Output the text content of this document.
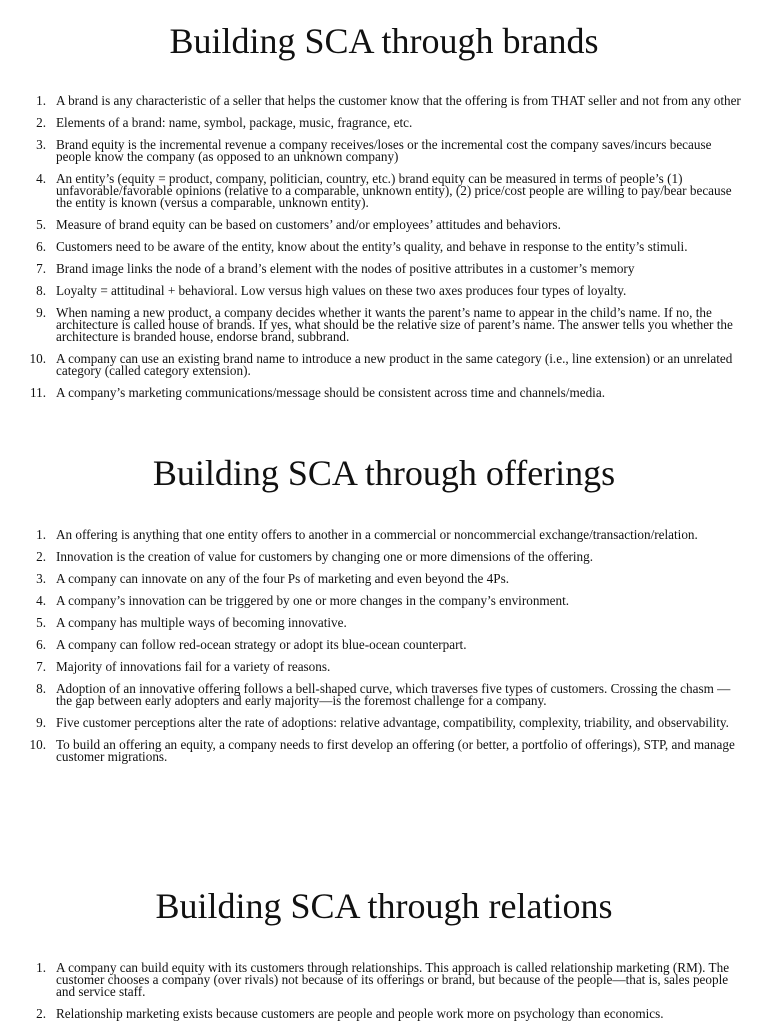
Building SCA through brands
1. A brand is any characteristic of a seller that helps the customer know that the offering is from THAT seller and not from any other
2. Elements of a brand: name, symbol, package, music, fragrance, etc.
3. Brand equity is the incremental revenue a company receives/loses or the incremental cost the company saves/incurs because people know the company (as opposed to an unknown company)
4. An entity’s (equity = product, company, politician, country, etc.) brand equity can be measured in terms of people’s (1) unfavorable/favorable opinions (relative to a comparable, unknown entity), (2) price/cost people are willing to pay/bear because the entity is known (versus a comparable, unknown entity).
5. Measure of brand equity can be based on customers’ and/or employees’ attitudes and behaviors.
6. Customers need to be aware of the entity, know about the entity’s quality, and behave in response to the entity’s stimuli.
7. Brand image links the node of a brand’s element with the nodes of positive attributes in a customer’s memory
8. Loyalty = attitudinal + behavioral. Low versus high values on these two axes produces four types of loyalty.
9. When naming a new product, a company decides whether it wants the parent’s name to appear in the child’s name. If no, the architecture is called house of brands. If yes, what should be the relative size of parent’s name. The answer tells you whether the architecture is branded house, endorse brand, subbrand.
10. A company can use an existing brand name to introduce a new product in the same category (i.e., line extension) or an unrelated category (called category extension).
11. A company’s marketing communications/message should be consistent across time and channels/media.
Building SCA through offerings
1. An offering is anything that one entity offers to another in a commercial or noncommercial exchange/transaction/relation.
2. Innovation is the creation of value for customers by changing one or more dimensions of the offering.
3. A company can innovate on any of the four Ps of marketing and even beyond the 4Ps.
4. A company’s innovation can be triggered by one or more changes in the company’s environment.
5. A company has multiple ways of becoming innovative.
6. A company can follow red-ocean strategy or adopt its blue-ocean counterpart.
7. Majority of innovations fail for a variety of reasons.
8. Adoption of an innovative offering follows a bell-shaped curve, which traverses five types of customers. Crossing the chasm —the gap between early adopters and early majority—is the foremost challenge for a company.
9. Five customer perceptions alter the rate of adoptions: relative advantage, compatibility, complexity, triability, and observability.
10. To build an offering an equity, a company needs to first develop an offering (or better, a portfolio of offerings), STP, and manage customer migrations.
Building SCA through relations
1. A company can build equity with its customers through relationships. This approach is called relationship marketing (RM). The customer chooses a company (over rivals) not because of its offerings or brand, but because of the people—that is, sales people and service staff.
2. Relationship marketing exists because customers are people and people work more on psychology than economics.
